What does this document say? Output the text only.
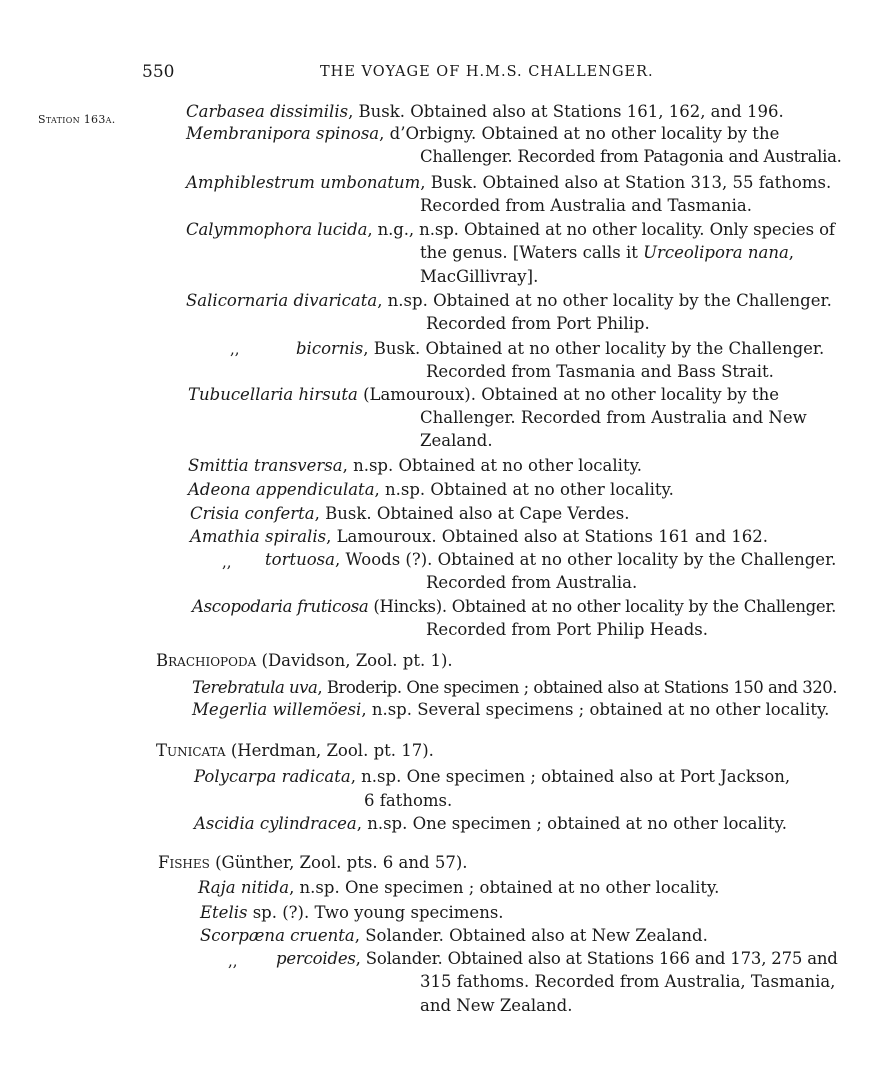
550	THE VOYAGE OF H.M.S. CHALLENGER.
Station 163a.	Carbasea dissimilis, Busk. Obtained also at Stations 161, 162, and 196.
Membranipora spinosa, d’Orbigny. Obtained at no other locality by the
Challenger. Recorded from Patagonia and Australia.
Amphiblestrum umbonatum, Busk. Obtained also at Station 313, 55 fathoms.
Recorded from Australia and Tasmania.
Calymmophora lucida, n.g., n.sp. Obtained at no other locality. Only species of
the genus. [Waters calls it Urceolipora nana,
MacGillivray].
Salicornaria divaricata, n.sp. Obtained at no other locality by the Challenger.
Recorded from Port Philip.
,,	bicornis, Busk. Obtained at no other locality by the Challenger.
Recorded from Tasmania and Bass Strait.
Tubucellaria hirsuta (Lamouroux). Obtained at no other locality by the
Challenger. Recorded from Australia and New
Zealand.
Smittia transversa, n.sp. Obtained at no other locality.
Adeona appendiculata, n.sp. Obtained at no other locality.
Crisia conferta, Busk. Obtained also at Cape Verdes.
Amathia spiralis, Lamouroux. Obtained also at Stations 161 and 162.
,, tortuosa, Woods (?). Obtained at no other locality by the Challenger.
Recorded from Australia.
Ascopodaria fruticosa (Hincks). Obtained at no other locality by the Challenger.
Recorded from Port Philip Heads.
Brachiopoda (Davidson, Zool. pt. 1).
Terebratula uva, Broderip. One specimen ; obtained also at Stations 150 and 320.
Megerlia willemöesi, n.sp. Several specimens ; obtained at no other locality.
Tunicata (Herdman, Zool. pt. 17).
Polycarpa radicata, n.sp. One specimen ; obtained also at Port Jackson,
6 fathoms.
Ascidia cylindracea, n.sp. One specimen ; obtained at no other locality.
Fishes (Günther, Zool. pts. 6 and 57).
Raja nitida, n.sp. One specimen ; obtained at no other locality.
Etelis sp. (?). Two young specimens.
Scorpæna cruenta, Solander. Obtained also at New Zealand.
,, percoides, Solander. Obtained also at Stations 166 and 173, 275 and
315 fathoms. Recorded from Australia, Tasmania,
and New Zealand.
